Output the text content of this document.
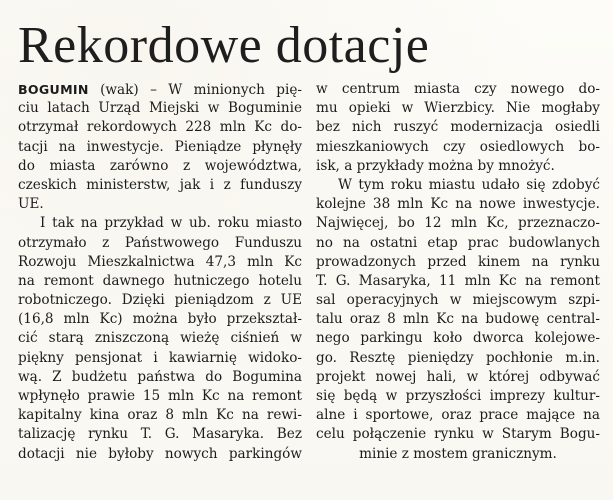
Rekordowe dotacje
BOGUMIN (wak) – W minionych pię-
ciu latach Urząd Miejski w Boguminie
otrzymał rekordowych 228 mln Kc do-
tacji na inwestycje. Pieniądze płynęły
do miasta zarówno z województwa,
czeskich ministerstw, jak i z funduszy
UE.
I tak na przykład w ub. roku miasto
otrzymało z Państwowego Funduszu
Rozwoju Mieszkalnictwa 47,3 mln Kc
na remont dawnego hutniczego hotelu
robotniczego. Dzięki pieniądzom z UE
(16,8 mln Kc) można było przekształ-
cić starą zniszczoną wieżę ciśnień w
piękny pensjonat i kawiarnię widoko-
wą. Z budżetu państwa do Bogumina
wpłynęło prawie 15 mln Kc na remont
kapitalny kina oraz 8 mln Kc na rewi-
talizację rynku T. G. Masaryka. Bez
dotacji nie byłoby nowych parkingów
w centrum miasta czy nowego do-
mu opieki w Wierzbicy. Nie mogłaby
bez nich ruszyć modernizacja osiedli
mieszkaniowych czy osiedlowych bo-
isk, a przykłady można by mnożyć.
W tym roku miastu udało się zdobyć
kolejne 38 mln Kc na nowe inwestycje.
Najwięcej, bo 12 mln Kc, przeznaczo-
no na ostatni etap prac budowlanych
prowadzonych przed kinem na rynku
T. G. Masaryka, 11 mln Kc na remont
sal operacyjnych w miejscowym szpi-
talu oraz 8 mln Kc na budowę central-
nego parkingu koło dworca kolejowe-
go. Resztę pieniędzy pochłonie m.in.
projekt nowej hali, w której odbywać
się będą w przyszłości imprezy kultur-
alne i sportowe, oraz prace mające na
celu połączenie rynku w Starym Bogu-
minie z mostem granicznym.
